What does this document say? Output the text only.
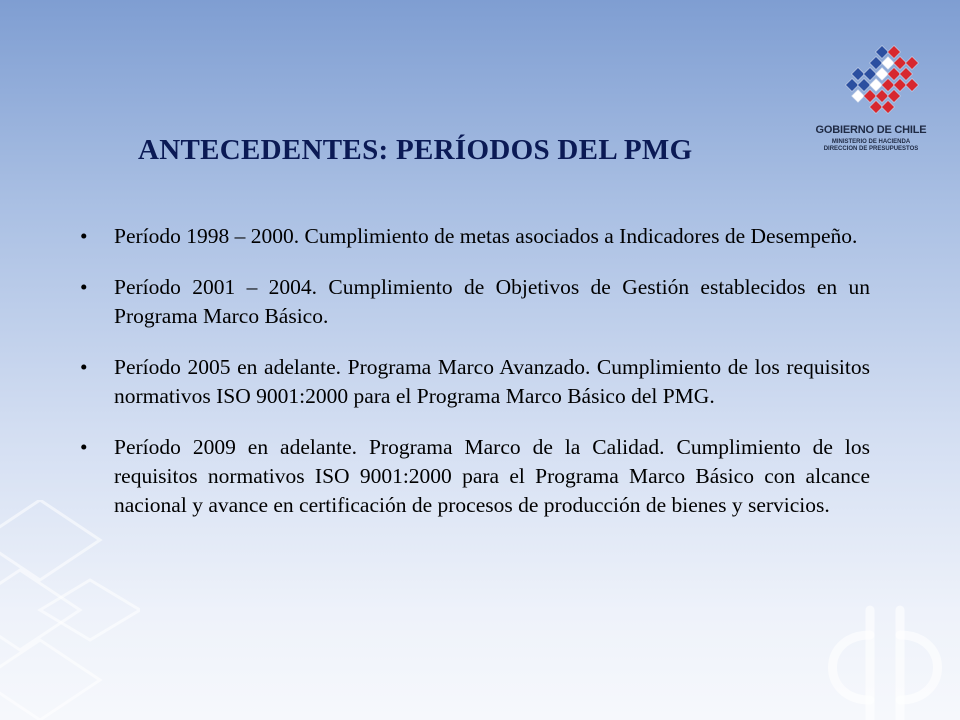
GOBIERNO DE CHILE
MINISTERIO DE HACIENDA
DIRECCION DE PRESUPUESTOS
ANTECEDENTES: PERÍODOS DEL PMG
• Período 1998 – 2000. Cumplimiento de metas asociados a Indicadores de Desempeño.
• Período 2001 – 2004. Cumplimiento de Objetivos de Gestión establecidos en un Programa Marco Básico.
• Período 2005 en adelante. Programa Marco Avanzado. Cumplimiento de los requisitos normativos ISO 9001:2000 para el Programa Marco Básico del PMG.
• Período 2009 en adelante. Programa Marco de la Calidad. Cumplimiento de los requisitos normativos ISO 9001:2000 para el Programa Marco Básico con alcance nacional y avance en certificación de procesos de producción de bienes y servicios.
